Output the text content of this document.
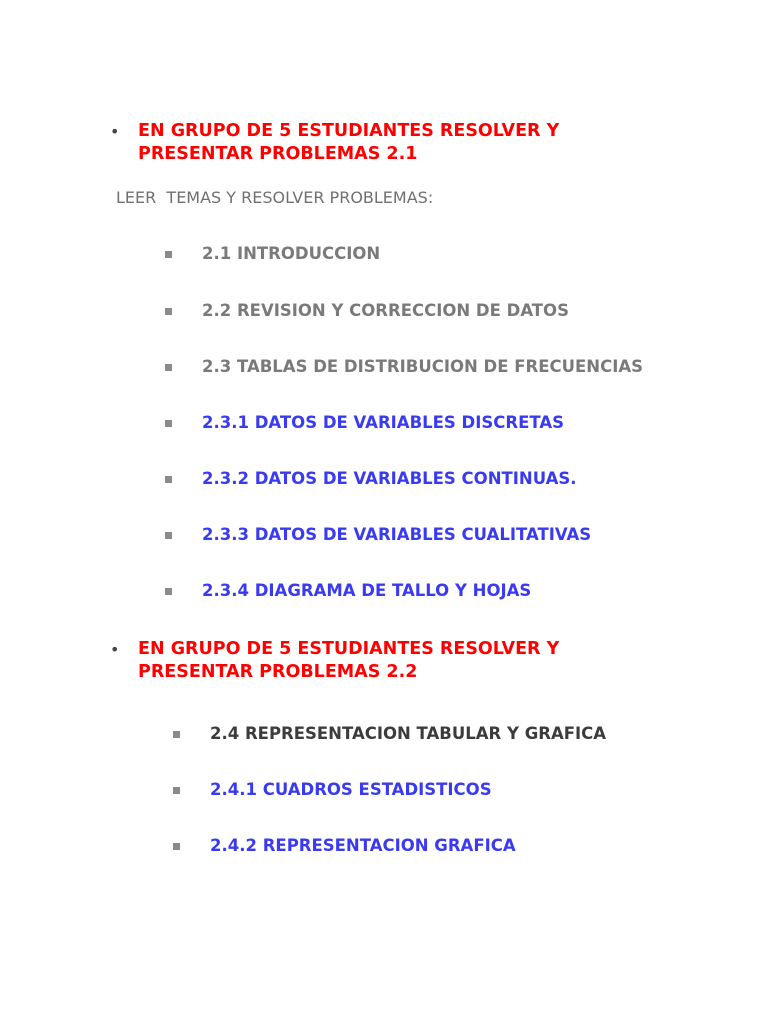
• EN GRUPO DE 5 ESTUDIANTES RESOLVER Y
PRESENTAR PROBLEMAS 2.1
LEER  TEMAS Y RESOLVER PROBLEMAS:
2.1 INTRODUCCION
2.2 REVISION Y CORRECCION DE DATOS
2.3 TABLAS DE DISTRIBUCION DE FRECUENCIAS
2.3.1 DATOS DE VARIABLES DISCRETAS
2.3.2 DATOS DE VARIABLES CONTINUAS.
2.3.3 DATOS DE VARIABLES CUALITATIVAS
2.3.4 DIAGRAMA DE TALLO Y HOJAS
• EN GRUPO DE 5 ESTUDIANTES RESOLVER Y
PRESENTAR PROBLEMAS 2.2
2.4 REPRESENTACION TABULAR Y GRAFICA
2.4.1 CUADROS ESTADISTICOS
2.4.2 REPRESENTACION GRAFICA
